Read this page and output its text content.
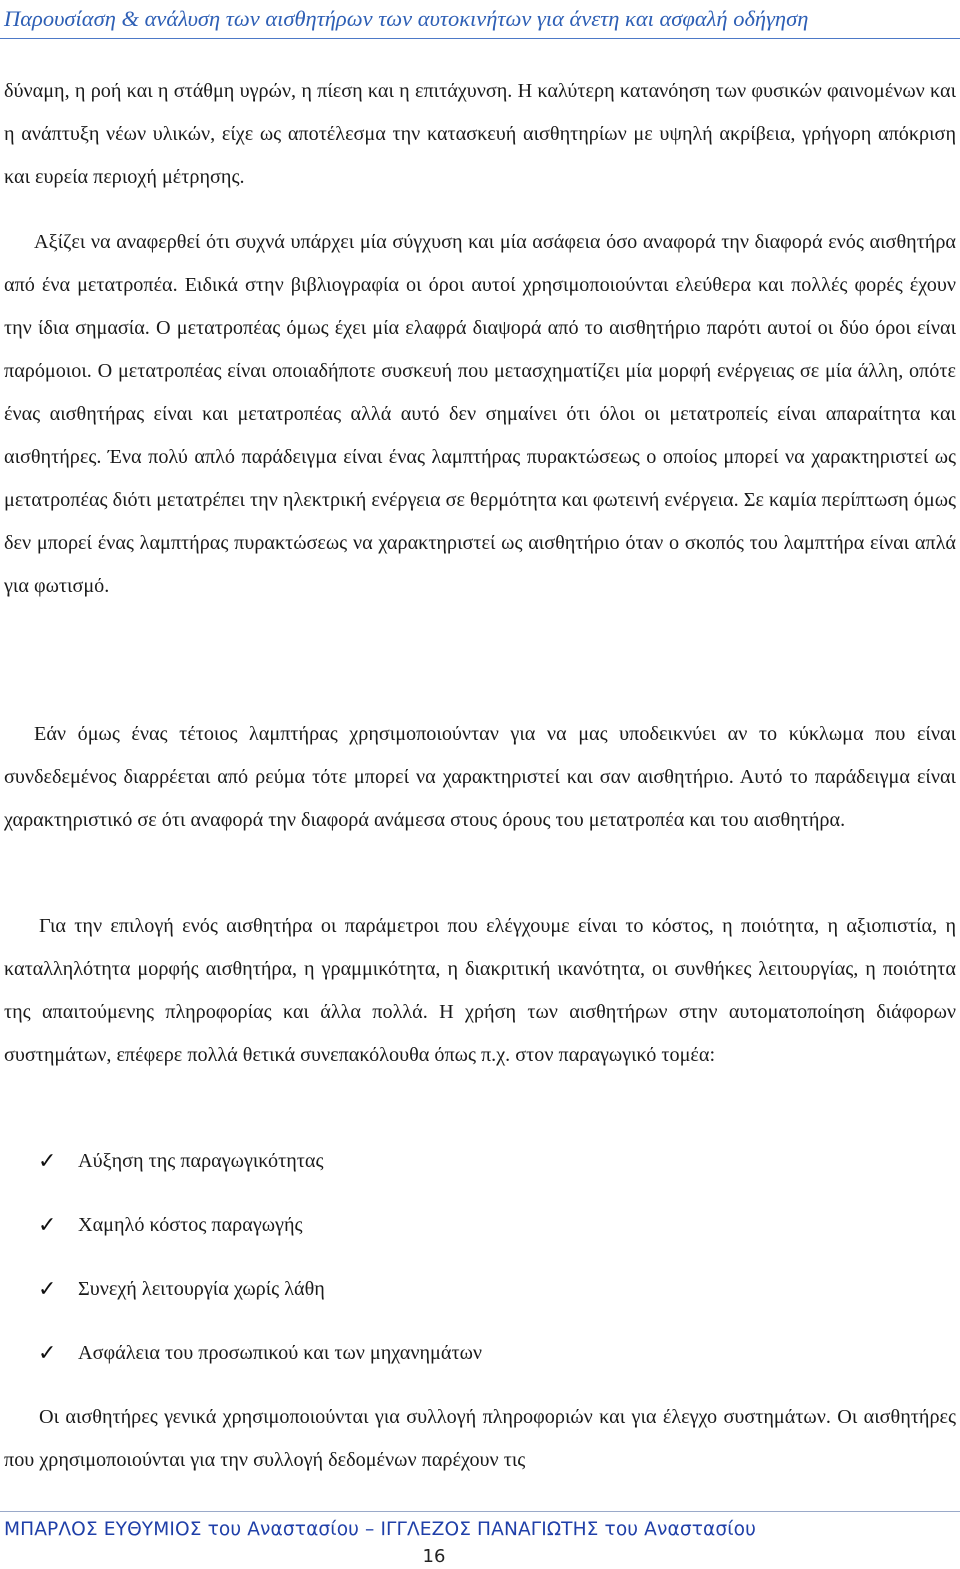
Παρουσίαση & ανάλυση των αισθητήρων των αυτοκινήτων για άνετη και ασφαλή οδήγηση
δύναμη, η ροή και η στάθμη υγρών, η πίεση και η επιτάχυνση. Η καλύτερη κατανόηση των φυσικών φαινομένων και η ανάπτυξη νέων υλικών, είχε ως αποτέλεσμα την κατασκευή αισθητηρίων με υψηλή ακρίβεια, γρήγορη απόκριση και ευρεία περιοχή μέτρησης.
Αξίζει να αναφερθεί ότι συχνά υπάρχει μία σύγχυση και μία ασάφεια όσο αναφορά την διαφορά ενός αισθητήρα από ένα μετατροπέα. Ειδικά στην βιβλιογραφία οι όροι αυτοί χρησιμοποιούνται ελεύθερα και πολλές φορές έχουν την ίδια σημασία. Ο μετατροπέας όμως έχει μία ελαφρά διαψορά από το αισθητήριο παρότι αυτοί οι δύο όροι είναι παρόμοιοι. Ο μετατροπέας είναι οποιαδήποτε συσκευή που μετασχηματίζει μία μορφή ενέργειας σε μία άλλη, οπότε ένας αισθητήρας είναι και μετατροπέας αλλά αυτό δεν σημαίνει ότι όλοι οι μετατροπείς είναι απαραίτητα και αισθητήρες. Ένα πολύ απλό παράδειγμα είναι ένας λαμπτήρας πυρακτώσεως ο οποίος μπορεί να χαρακτηριστεί ως μετατροπέας διότι μετατρέπει την ηλεκτρική ενέργεια σε θερμότητα και φωτεινή ενέργεια. Σε καμία περίπτωση όμως δεν μπορεί ένας λαμπτήρας πυρακτώσεως να χαρακτηριστεί ως αισθητήριο όταν ο σκοπός του λαμπτήρα είναι απλά για φωτισμό.
Εάν όμως ένας τέτοιος λαμπτήρας χρησιμοποιούνταν για να μας υποδεικνύει αν το κύκλωμα που είναι συνδεδεμένος διαρρέεται από ρεύμα τότε μπορεί να χαρακτηριστεί και σαν αισθητήριο. Αυτό το παράδειγμα είναι χαρακτηριστικό σε ότι αναφορά την διαφορά ανάμεσα στους όρους του μετατροπέα και του αισθητήρα.
Για την επιλογή ενός αισθητήρα οι παράμετροι που ελέγχουμε είναι το κόστος, η ποιότητα, η αξιοπιστία, η καταλληλότητα μορφής αισθητήρα, η γραμμικότητα, η διακριτική ικανότητα, οι συνθήκες λειτουργίας, η ποιότητα της απαιτούμενης πληροφορίας και άλλα πολλά. Η χρήση των αισθητήρων στην αυτοματοποίηση διάφορων συστημάτων, επέφερε πολλά θετικά συνεπακόλουθα όπως π.χ. στον παραγωγικό τομέα:
✓	Αύξηση της παραγωγικότητας
✓	Χαμηλό κόστος παραγωγής
✓	Συνεχή λειτουργία χωρίς λάθη
✓	Ασφάλεια του προσωπικού και των μηχανημάτων
Οι αισθητήρες γενικά χρησιμοποιούνται για συλλογή πληροφοριών και για έλεγχο συστημάτων. Οι αισθητήρες που χρησιμοποιούνται για την συλλογή δεδομένων παρέχουν τις
ΜΠΑΡΛΟΣ ΕΥΘΥΜΙΟΣ του Αναστασίου – ΙΓΓΛΕΖΟΣ ΠΑΝΑΓΙΩΤΗΣ του Αναστασίου
16
